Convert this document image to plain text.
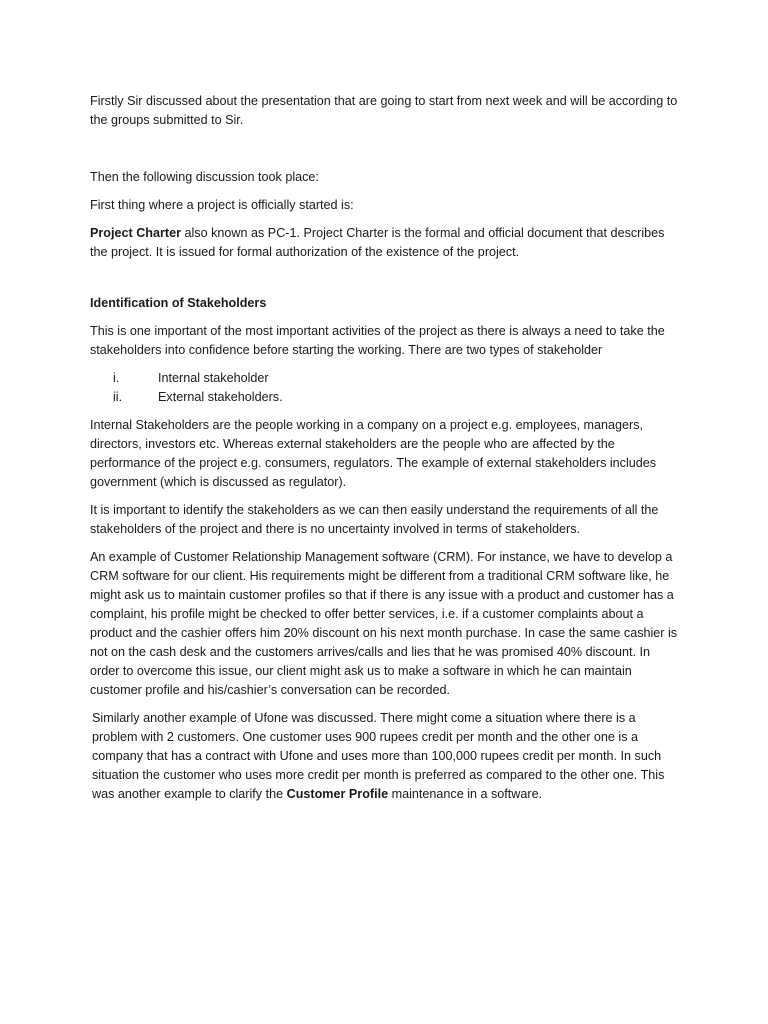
Firstly Sir discussed about the presentation that are going to start from next week and will be according to the groups submitted to Sir.

Then the following discussion took place:

First thing where a project is officially started is:

Project Charter also known as PC-1. Project Charter is the formal and official document that describes the project. It is issued for formal authorization of the existence of the project.

Identification of Stakeholders

This is one important of the most important activities of the project as there is always a need to take the stakeholders into confidence before starting the working. There are two types of stakeholder

i.	Internal stakeholder
ii.	External stakeholders.

Internal Stakeholders are the people working in a company on a project e.g. employees, managers, directors, investors etc. Whereas external stakeholders are the people who are affected by the performance of the project e.g. consumers, regulators. The example of external stakeholders includes government (which is discussed as regulator).

It is important to identify the stakeholders as we can then easily understand the requirements of all the stakeholders of the project and there is no uncertainty involved in terms of stakeholders.

An example of Customer Relationship Management software (CRM). For instance, we have to develop a CRM software for our client. His requirements might be different from a traditional CRM software like, he might ask us to maintain customer profiles so that if there is any issue with a product and customer has a complaint, his profile might be checked to offer better services, i.e. if a customer complaints about a product and the cashier offers him 20% discount on his next month purchase. In case the same cashier is not on the cash desk and the customers arrives/calls and lies that he was promised 40% discount. In order to overcome this issue, our client might ask us to make a software in which he can maintain customer profile and his/cashier’s conversation can be recorded.

Similarly another example of Ufone was discussed. There might come a situation where there is a problem with 2 customers. One customer uses 900 rupees credit per month and the other one is a company that has a contract with Ufone and uses more than 100,000 rupees credit per month. In such situation the customer who uses more credit per month is preferred as compared to the other one. This was another example to clarify the Customer Profile maintenance in a software.
